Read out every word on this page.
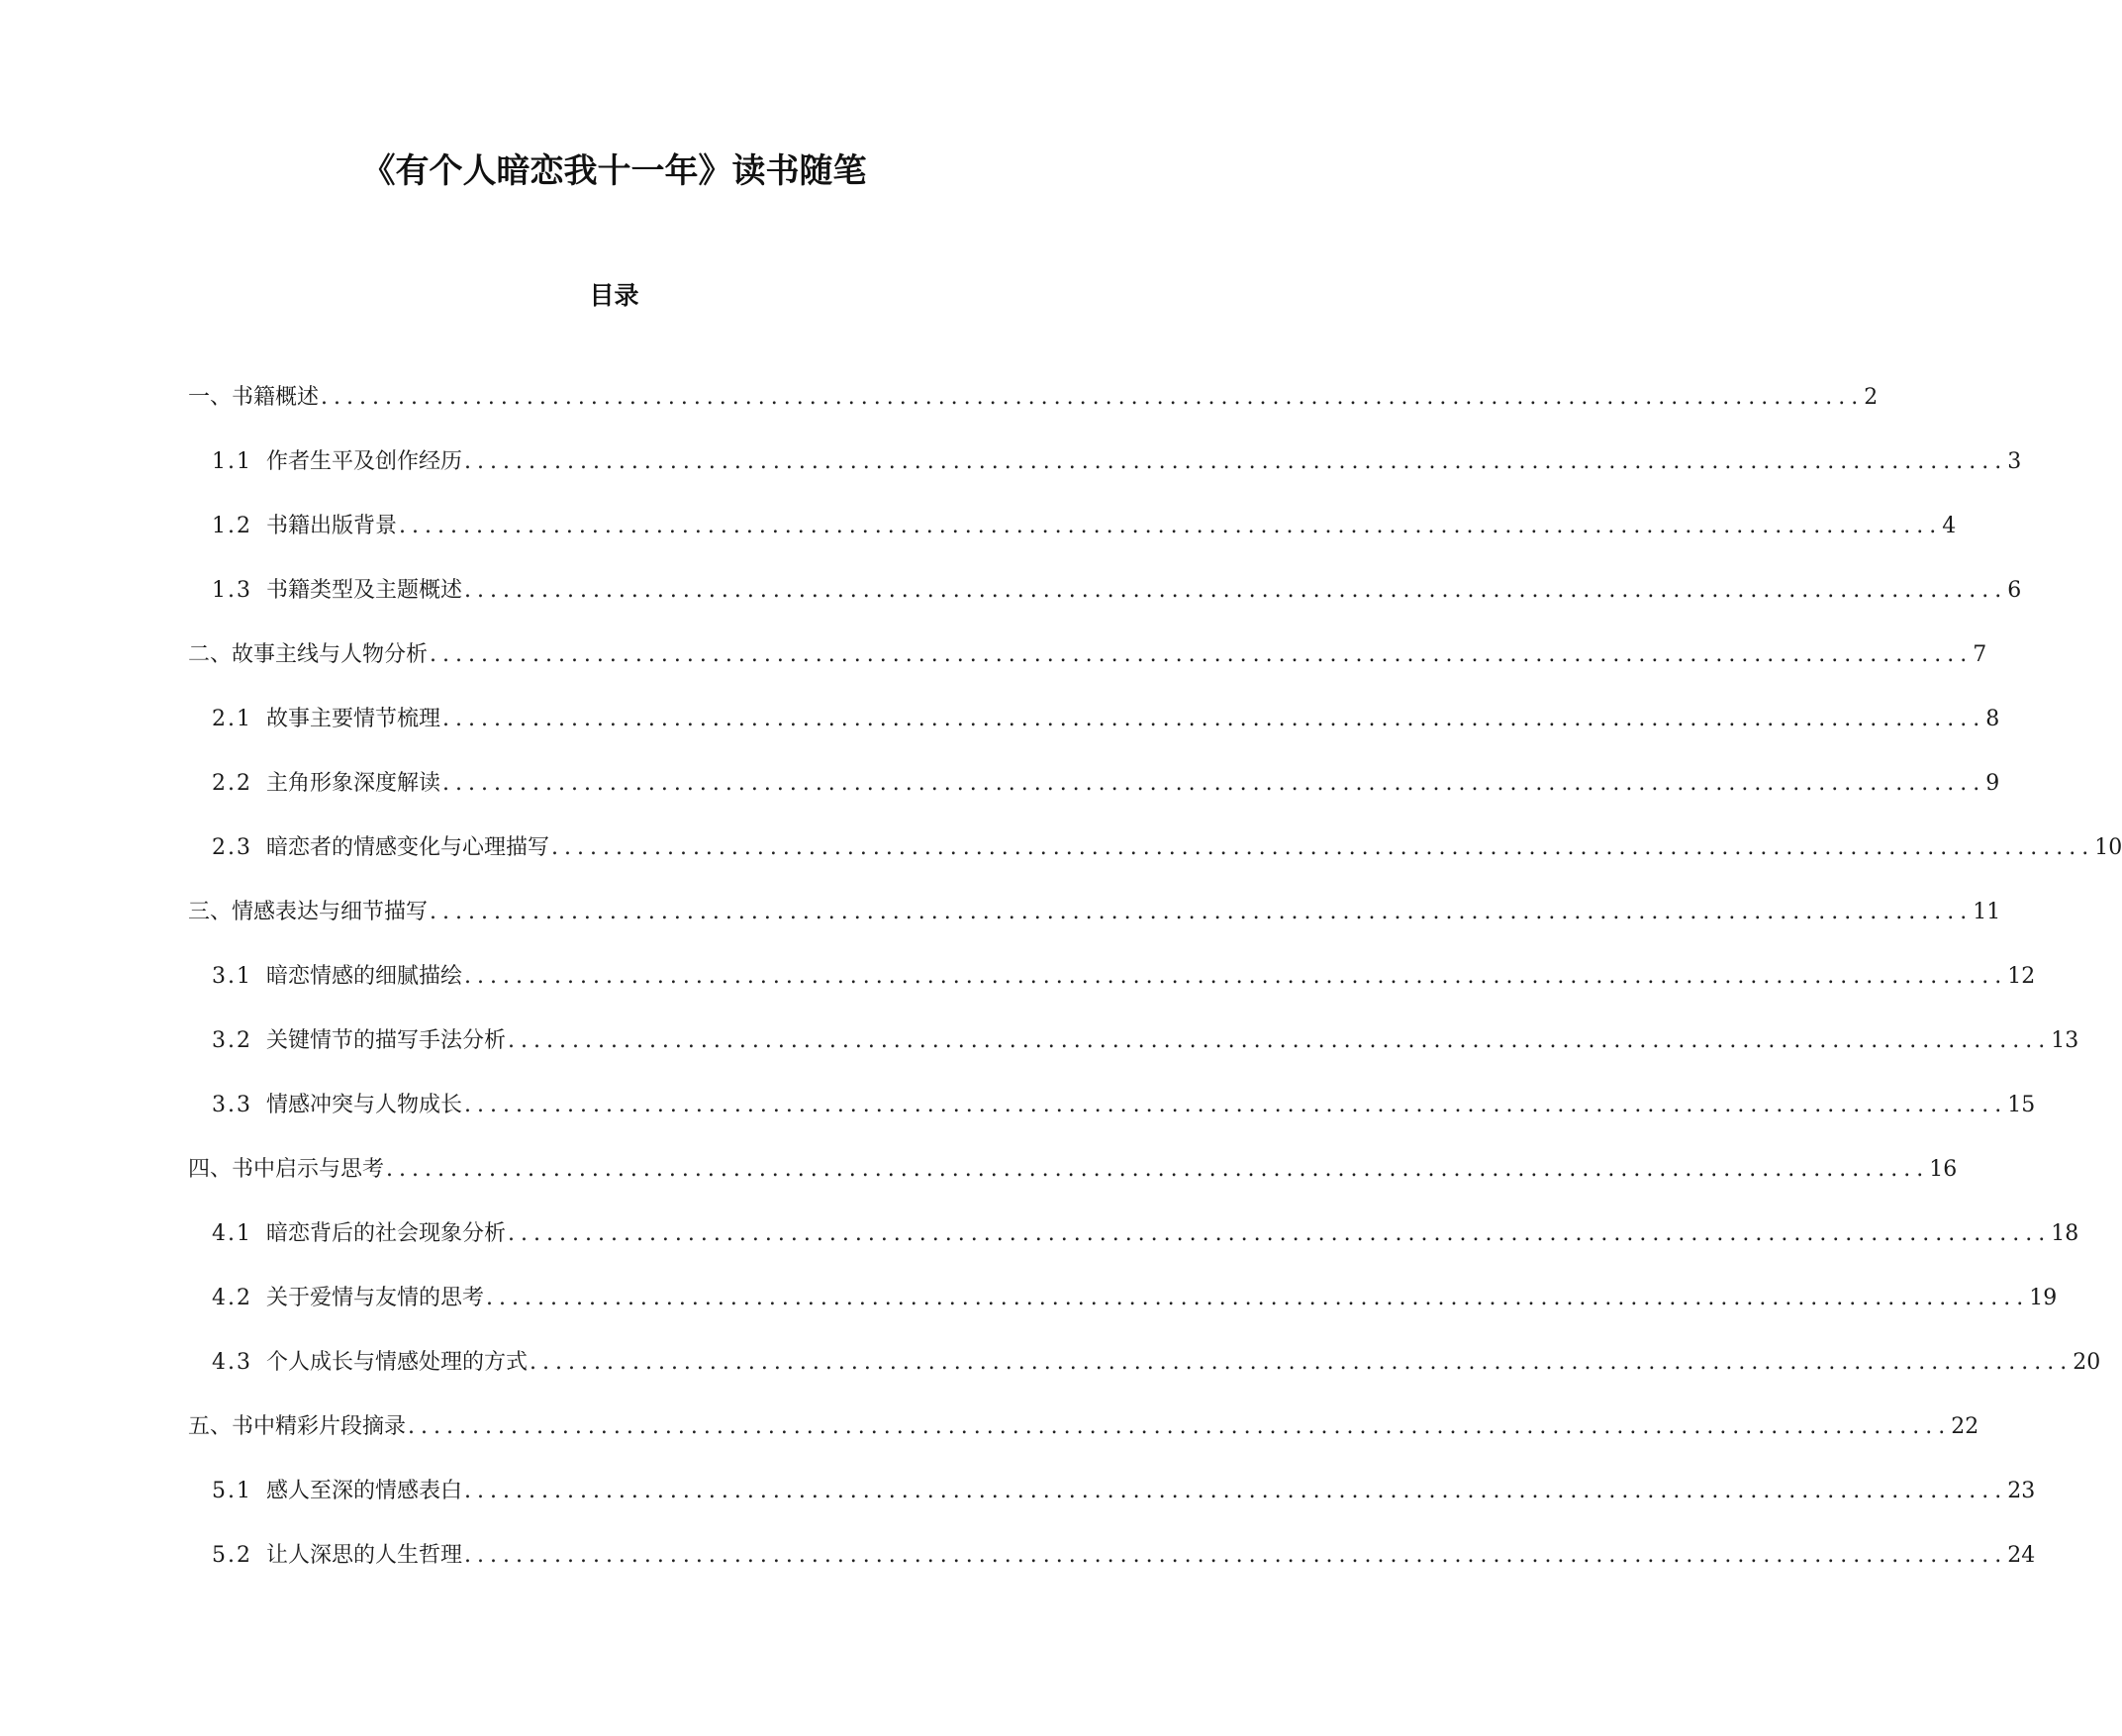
《有个人暗恋我十一年》读书随笔
目录
一、书籍概述 ........................................................................................................................ 2
1.1 作者生平及创作经历 ........................................................................................................................ 3
1.2 书籍出版背景 ........................................................................................................................ 4
1.3 书籍类型及主题概述 ........................................................................................................................ 6
二、故事主线与人物分析 ........................................................................................................................ 7
2.1 故事主要情节梳理 ........................................................................................................................ 8
2.2 主角形象深度解读 ........................................................................................................................ 9
2.3 暗恋者的情感变化与心理描写 ........................................................................................................................ 10
三、情感表达与细节描写 ........................................................................................................................ 11
3.1 暗恋情感的细腻描绘 ........................................................................................................................ 12
3.2 关键情节的描写手法分析 ........................................................................................................................ 13
3.3 情感冲突与人物成长 ........................................................................................................................ 15
四、书中启示与思考 ........................................................................................................................ 16
4.1 暗恋背后的社会现象分析 ........................................................................................................................ 18
4.2 关于爱情与友情的思考 ........................................................................................................................ 19
4.3 个人成长与情感处理的方式 ........................................................................................................................ 20
五、书中精彩片段摘录 ........................................................................................................................ 22
5.1 感人至深的情感表白 ........................................................................................................................ 23
5.2 让人深思的人生哲理 ........................................................................................................................ 24
